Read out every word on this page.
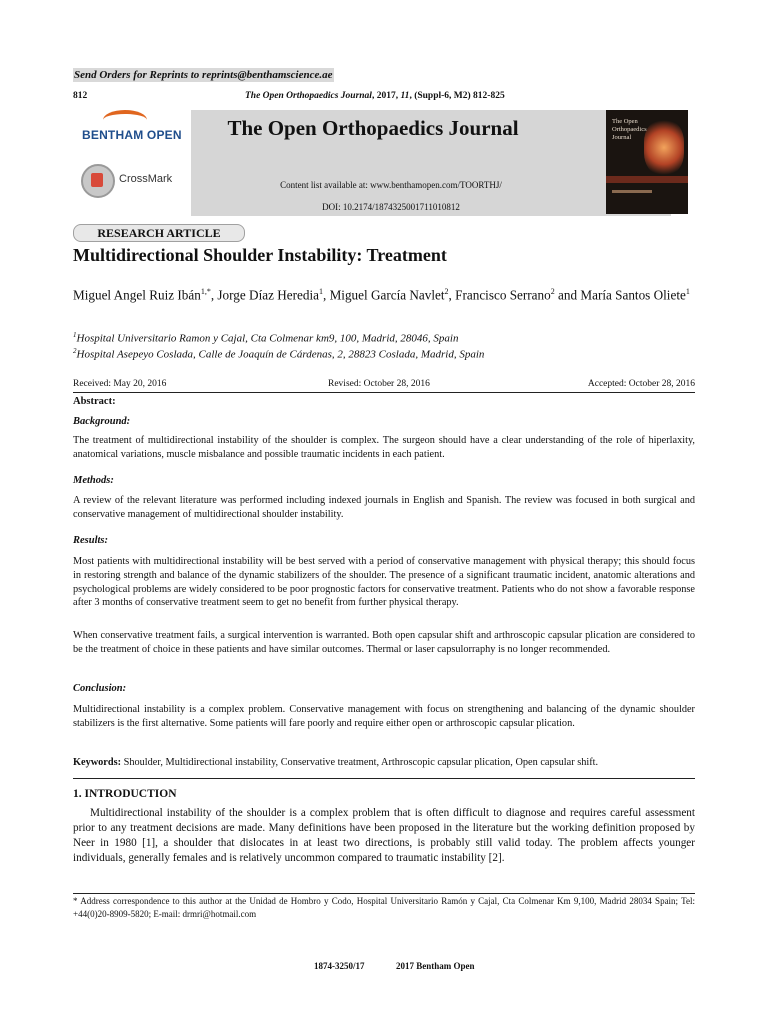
Send Orders for Reprints to reprints@benthamscience.ae
812	The Open Orthopaedics Journal, 2017, 11, (Suppl-6, M2) 812-825
BENTHAM OPEN
CrossMark
The Open Orthopaedics Journal
Content list available at: www.benthamopen.com/TOORTHJ/
DOI: 10.2174/1874325001711010812
The Open Orthopaedics Journal
RESEARCH ARTICLE
Multidirectional Shoulder Instability: Treatment
Miguel Angel Ruiz Ibán$^{1,*}$, Jorge Díaz Heredia$^1$, Miguel García Navlet$^2$, Francisco Serrano$^2$ and María Santos Oliete$^1$
$^1$Hospital Universitario Ramon y Cajal, Cta Colmenar km9, 100, Madrid, 28046, Spain
$^2$Hospital Asepeyo Coslada, Calle de Joaquín de Cárdenas, 2, 28823 Coslada, Madrid, Spain
Received: May 20, 2016	Revised: October 28, 2016	Accepted: October 28, 2016
Abstract:
Background:
The treatment of multidirectional instability of the shoulder is complex. The surgeon should have a clear understanding of the role of hiperlaxity, anatomical variations, muscle misbalance and possible traumatic incidents in each patient.
Methods:
A review of the relevant literature was performed including indexed journals in English and Spanish. The review was focused in both surgical and conservative management of multidirectional shoulder instability.
Results:
Most patients with multidirectional instability will be best served with a period of conservative management with physical therapy; this should focus in restoring strength and balance of the dynamic stabilizers of the shoulder. The presence of a significant traumatic incident, anatomic alterations and psychological problems are widely considered to be poor prognostic factors for conservative treatment. Patients who do not show a favorable response after 3 months of conservative treatment seem to get no benefit from further physical therapy.
When conservative treatment fails, a surgical intervention is warranted. Both open capsular shift and arthroscopic capsular plication are considered to be the treatment of choice in these patients and have similar outcomes. Thermal or laser capsulorraphy is no longer recommended.
Conclusion:
Multidirectional instability is a complex problem. Conservative management with focus on strengthening and balancing of the dynamic shoulder stabilizers is the first alternative. Some patients will fare poorly and require either open or arthroscopic capsular plication.
Keywords: Shoulder, Multidirectional instability, Conservative treatment, Arthroscopic capsular plication, Open capsular shift.
1. INTRODUCTION
Multidirectional instability of the shoulder is a complex problem that is often difficult to diagnose and requires careful assessment prior to any treatment decisions are made. Many definitions have been proposed in the literature but the working definition proposed by Neer in 1980 [1], a shoulder that dislocates in at least two directions, is probably still valid today. The problem affects younger individuals, generally females and is relatively uncommon compared to traumatic instability [2].
* Address correspondence to this author at the Unidad de Hombro y Codo, Hospital Universitario Ramón y Cajal, Cta Colmenar Km 9,100, Madrid 28034 Spain; Tel: +44(0)20-8909-5820; E-mail: drmri@hotmail.com
1874-3250/17	2017 Bentham Open
